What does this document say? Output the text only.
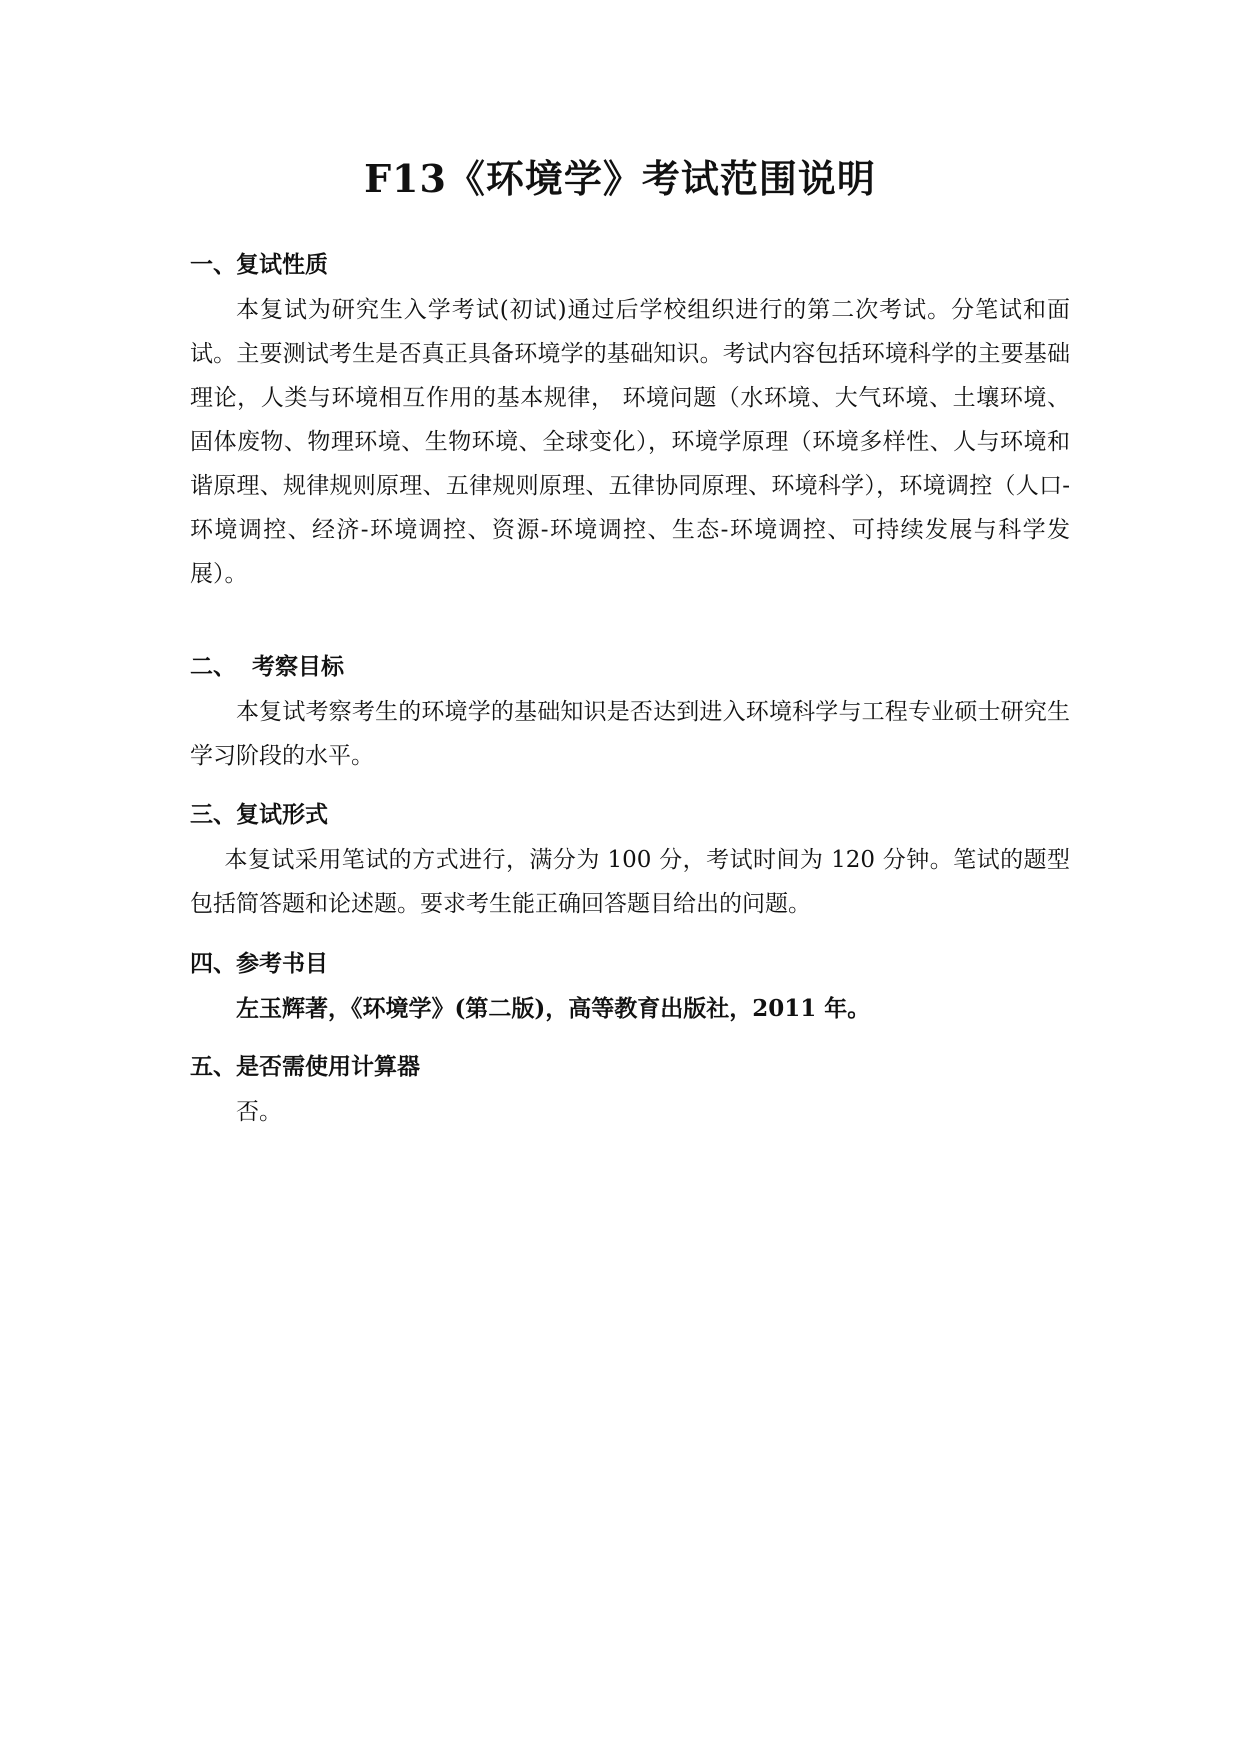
F13《环境学》考试范围说明
一、复试性质
本复试为研究生入学考试(初试)通过后学校组织进行的第二次考试。分笔试和面试。主要测试考生是否真正具备环境学的基础知识。考试内容包括环境科学的主要基础理论，人类与环境相互作用的基本规律， 环境问题（水环境、大气环境、土壤环境、固体废物、物理环境、生物环境、全球变化），环境学原理（环境多样性、人与环境和谐原理、规律规则原理、五律规则原理、五律协同原理、环境科学），环境调控（人口-环境调控、经济-环境调控、资源-环境调控、生态-环境调控、可持续发展与科学发展）。
二、  考察目标
本复试考察考生的环境学的基础知识是否达到进入环境科学与工程专业硕士研究生学习阶段的水平。
三、复试形式
本复试采用笔试的方式进行，满分为 100 分，考试时间为 120 分钟。笔试的题型包括简答题和论述题。要求考生能正确回答题目给出的问题。
四、参考书目
左玉辉著，《环境学》(第二版)，高等教育出版社，2011 年。
五、是否需使用计算器
否。
